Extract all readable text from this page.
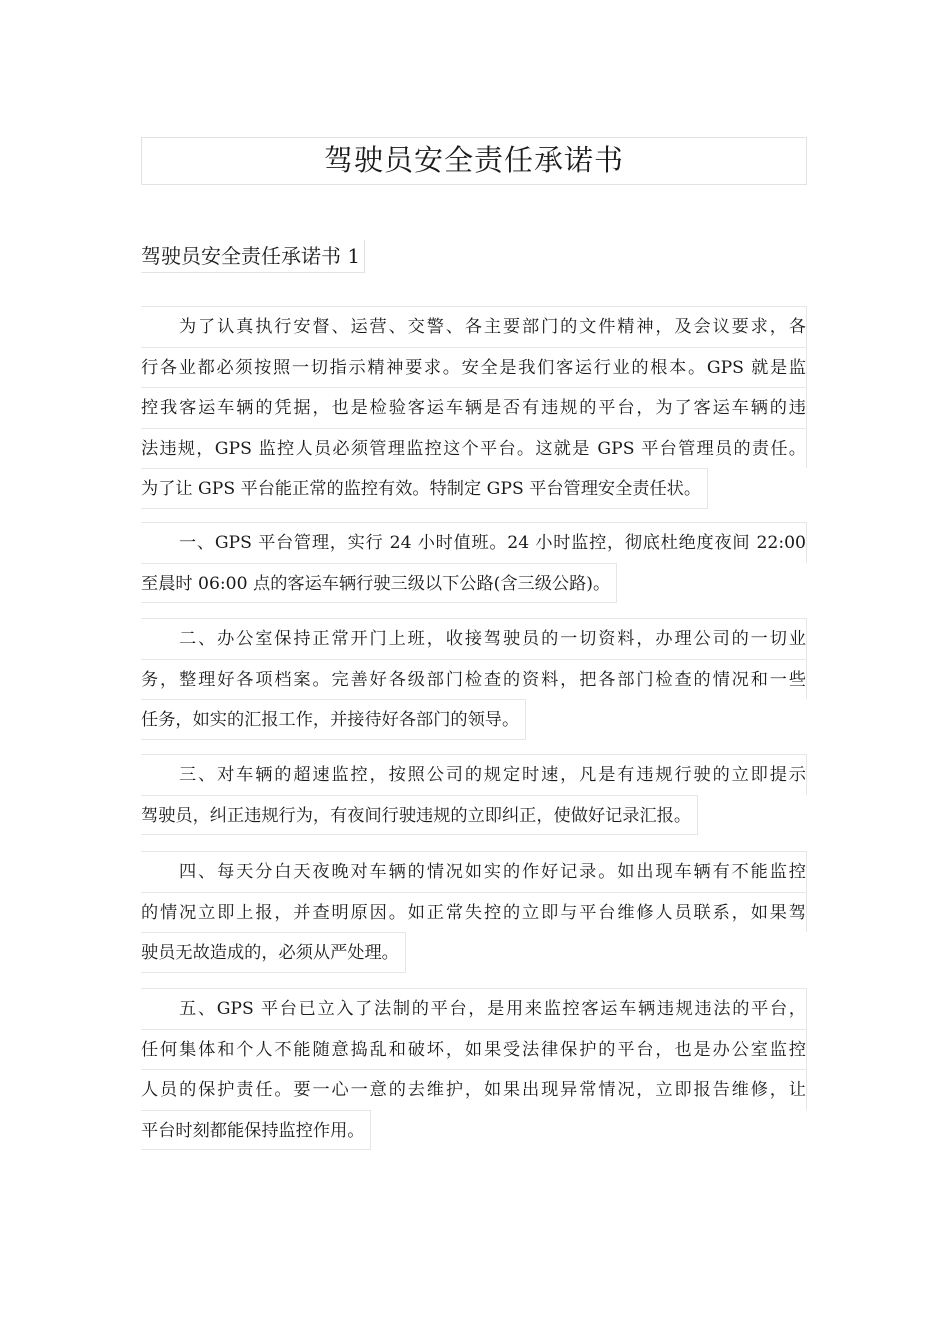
驾驶员安全责任承诺书
驾驶员安全责任承诺书 1
为了认真执行安督、运营、交警、各主要部门的文件精神，及会议要求，各
行各业都必须按照一切指示精神要求。安全是我们客运行业的根本。GPS 就是监
控我客运车辆的凭据，也是检验客运车辆是否有违规的平台，为了客运车辆的违
法违规，GPS 监控人员必须管理监控这个平台。这就是 GPS 平台管理员的责任。
为了让 GPS 平台能正常的监控有效。特制定 GPS 平台管理安全责任状。
一、GPS 平台管理，实行 24 小时值班。24 小时监控，彻底杜绝度夜间 22:00
至晨时 06:00 点的客运车辆行驶三级以下公路(含三级公路)。
二、办公室保持正常开门上班，收接驾驶员的一切资料，办理公司的一切业
务，整理好各项档案。完善好各级部门检查的资料，把各部门检查的情况和一些
任务，如实的汇报工作，并接待好各部门的领导。
三、对车辆的超速监控，按照公司的规定时速，凡是有违规行驶的立即提示
驾驶员，纠正违规行为，有夜间行驶违规的立即纠正，使做好记录汇报。
四、每天分白天夜晚对车辆的情况如实的作好记录。如出现车辆有不能监控
的情况立即上报，并查明原因。如正常失控的立即与平台维修人员联系，如果驾
驶员无故造成的，必须从严处理。
五、GPS 平台已立入了法制的平台，是用来监控客运车辆违规违法的平台，
任何集体和个人不能随意捣乱和破坏，如果受法律保护的平台，也是办公室监控
人员的保护责任。要一心一意的去维护，如果出现异常情况，立即报告维修，让
平台时刻都能保持监控作用。
